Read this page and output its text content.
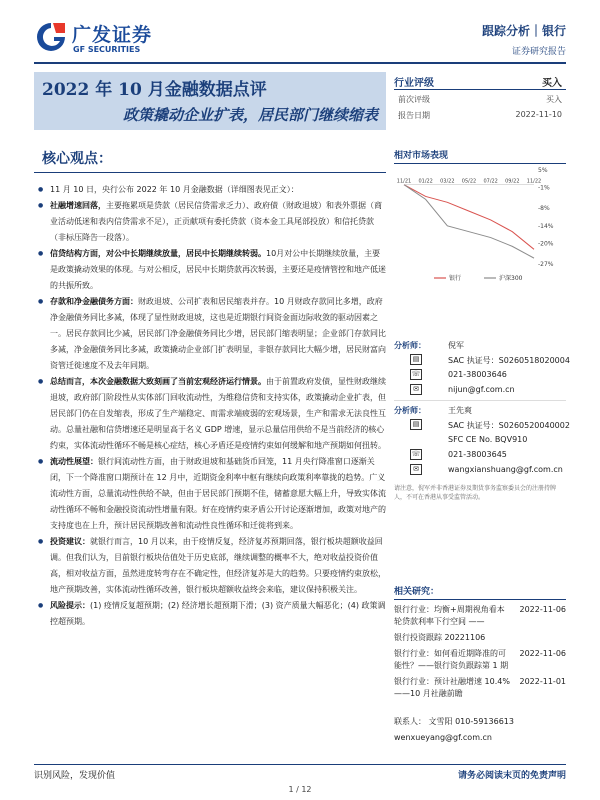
广发证券
GF SECURITIES
跟踪分析｜银行
证券研究报告
2022 年 10 月金融数据点评
政策撬动企业扩表，居民部门继续缩表
核心观点：
● 11 月 10 日，央行公布 2022 年 10 月金融数据（详细图表见正文）：
● 社融增速回落，主要拖累项是贷款（居民信贷需求乏力）、政府债（财政退坡）和表外票据（商业活动低迷和表内信贷需求不足），正贡献项有委托贷款（资本金工具尾部投放）和信托贷款（非标压降告一段落）。
● 信贷结构方面，对公中长期继续放量，居民中长期继续转弱。10月对公中长期继续放量，主要是政策撬动效果的体现。与对公相反，居民中长期贷款再次转弱，主要还是疫情管控和地产低迷的共振所致。
● 存款和净金融债务方面：财政退坡、公司扩表和居民缩表并存。10 月财政存款同比多增，政府净金融债务同比多减，体现了显性财政退坡，这也是近期银行间资金面边际收敛的驱动因素之一。居民存款同比少减，居民部门净金融债务同比少增，居民部门缩表明显；企业部门存款同比多减，净金融债务同比多减，政策撬动企业部门扩表明显，非银存款同比大幅少增，居民财富向资管迁徙速度不及去年同期。
● 总结而言，本次金融数据大致刻画了当前宏观经济运行情景。由于前置政府发债，显性财政继续退坡，政府部门阶段性从实体部门回收流动性，为维稳信贷和支持实体，政策撬动企业扩表，但居民部门仍在自发缩表，形成了生产端稳定、而需求端疲弱的宏观场景，生产和需求无法良性互动。总量社融和信贷增速还是明显高于名义 GDP 增速，显示总量信用供给不是当前经济的核心约束，实体流动性循环不畅是核心症结，核心矛盾还是疫情约束如何缓解和地产预期如何扭转。
● 流动性展望：银行间流动性方面，由于财政退坡和基础货币回笼，11 月央行降准窗口逐渐关闭，下一个降准窗口期预计在 12 月中，近期资金利率中枢有继续向政策利率靠拢的趋势。广义流动性方面，总量流动性供给不缺，但由于居民部门预期不佳，储蓄意愿大幅上升，导致实体流动性循环不畅和金融投资流动性增量有限。好在疫情约束矛盾公开讨论逐渐增加，政策对地产的支持度也在上升，预计居民预期改善和流动性良性循环和迁徙将到来。
● 投资建议：就银行而言，10 月以来，由于疫情反复，经济复苏预期回落，银行板块超额收益回调。但我们认为，目前银行板块估值处于历史底部，继续调整的概率不大，绝对收益投资价值高，相对收益方面，虽然进度转弯存在不确定性，但经济复苏是大的趋势。只要疫情约束放松，地产预期改善，实体流动性循环改善，银行板块超额收益终会来临，建议保持积极关注。
● 风险提示：(1) 疫情反复超预期；(2) 经济增长超预期下滑；(3) 资产质量大幅恶化；(4) 政策调控超预期。
行业评级	买入
前次评级	买入
报告日期	2022-11-10
相对市场表现
5%
-1%
-8%
-14%
-20%
-27%
11/21 01/22 03/22 05/22 07/22 09/22 11/22
银行	沪深300
分析师：	倪军
▤	SAC 执证号：S0260518020004
☏	021-38003646
✉	nijun@gf.com.cn
分析师：	王先爽
▤	SAC 执证号：S0260520040002
SFC CE No. BQV910
☏	021-38003645
✉	wangxianshuang@gf.com.cn
请注意，倪军并非香港证券及期货事务监察委员会的注册持牌人，不可在香港从事受监管活动。
相关研究：
银行行业：均衡+周期视角看本轮贷款利率下行空间 ——
2022-11-06
银行投资跟踪 20221106
银行行业：如何看近期降准的可能性？——银行资负跟踪第 1 期
2022-11-06
银行行业：预计社融增速 10.4%——10 月社融前瞻
2022-11-01
联系人： 文雪阳 010-59136613
wenxueyang@gf.com.cn
识别风险，发现价值	请务必阅读末页的免责声明
1 / 12
